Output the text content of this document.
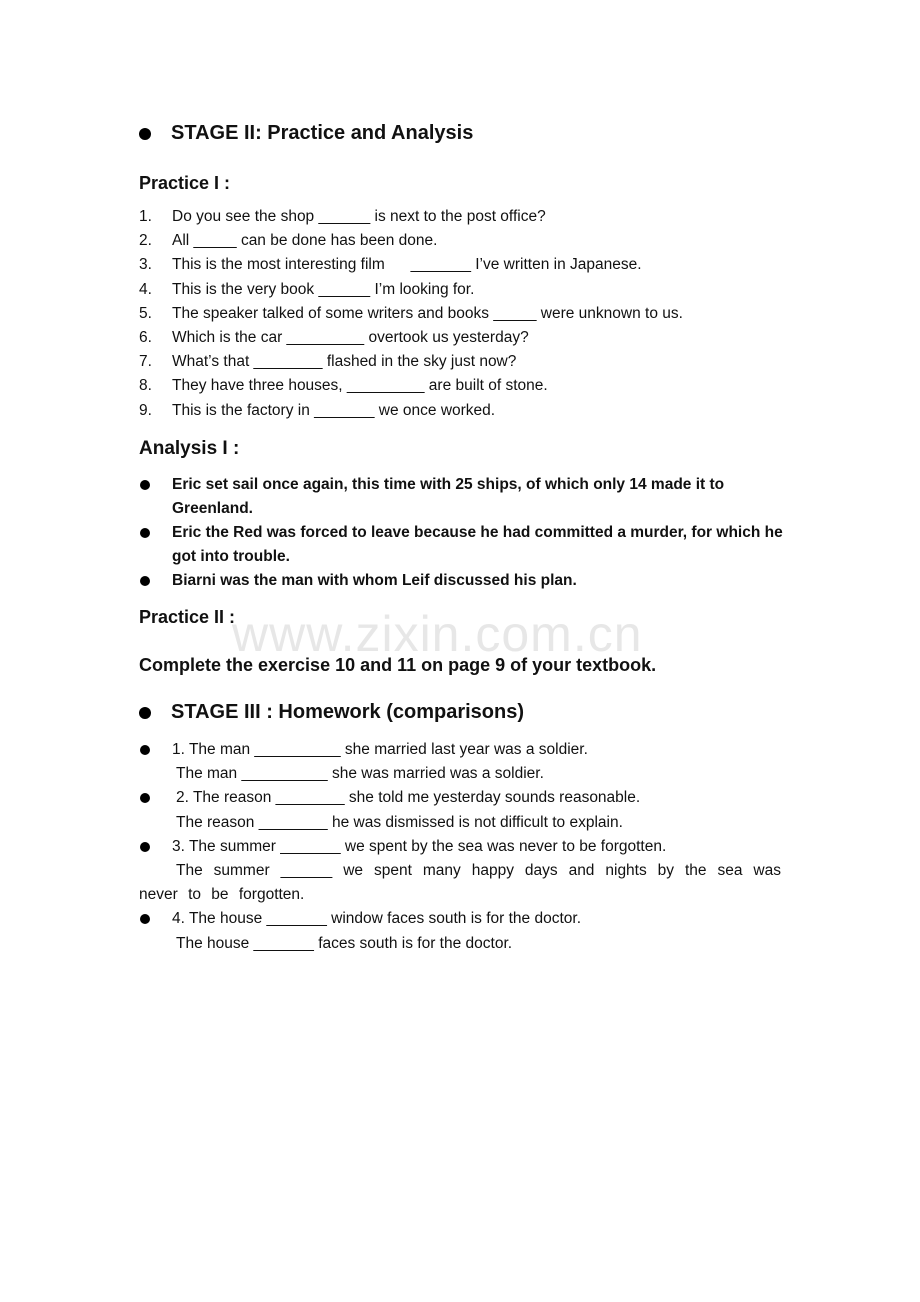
STAGE II: Practice and Analysis
Practice I :
1.	Do you see the shop ______ is next to the post office?
2.	All _____ can be done has been done.
3.	This is the most interesting film      _______ I’ve written in Japanese.
4.	This is the very book ______ I’m looking for.
5.	The speaker talked of some writers and books _____ were unknown to us.
6.	Which is the car _________ overtook us yesterday?
7.	What’s that ________ flashed in the sky just now?
8.	They have three houses, _________ are built of stone.
9.	This is the factory in _______ we once worked.
Analysis I :
Eric set sail once again, this time with 25 ships, of which only 14 made it to Greenland.
Eric the Red was forced to leave because he had committed a murder, for which he got into trouble.
Biarni was the man with whom Leif discussed his plan.
Practice II :
Complete the exercise 10 and 11 on page 9 of your textbook.
STAGE III : Homework (comparisons)
1. The man __________ she married last year was a soldier.
The man __________ she was married was a soldier.
2. The reason ________ she told me yesterday sounds reasonable.
The reason ________ he was dismissed is not difficult to explain.
3. The summer _______ we spent by the sea was never to be forgotten.
The summer ______ we spent many happy days and nights by the sea was never to be forgotten.
4. The house _______ window faces south is for the doctor.
The house _______ faces south is for the doctor.
www.zixin.com.cn
